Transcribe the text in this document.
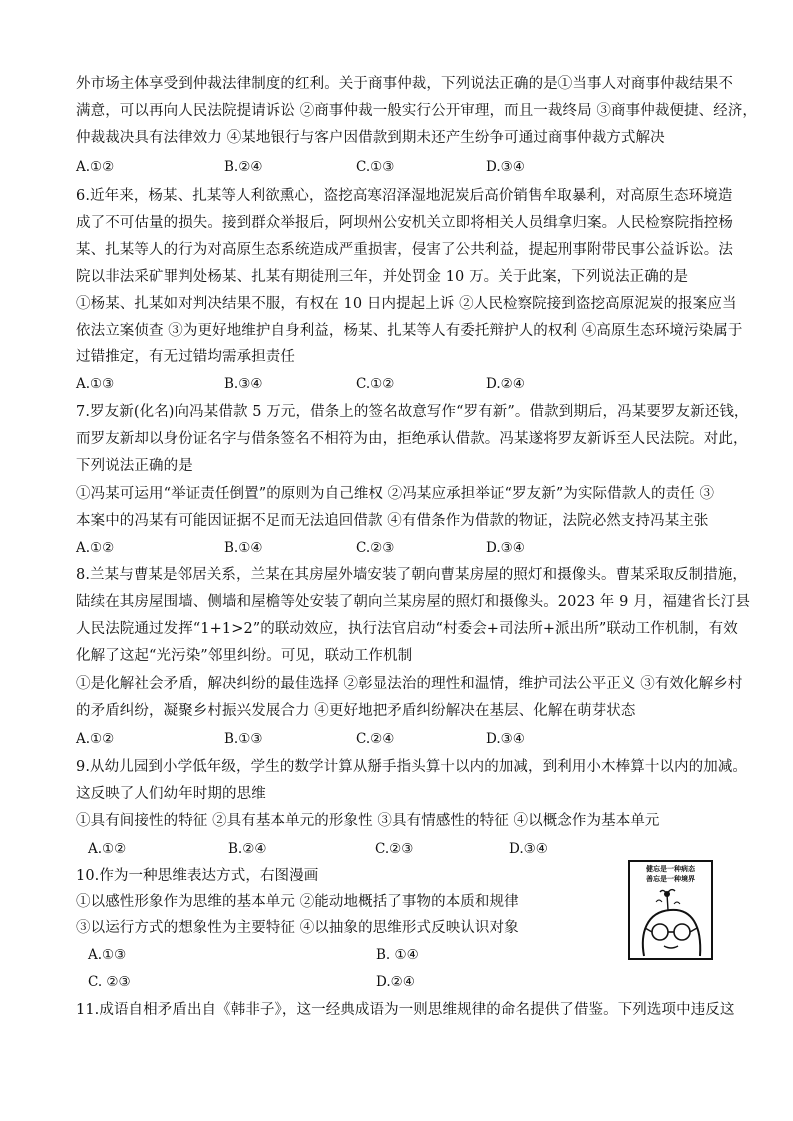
外市场主体享受到仲裁法律制度的红利。关于商事仲裁，下列说法正确的是①当事人对商事仲裁结果不
满意，可以再向人民法院提请诉讼 ②商事仲裁一般实行公开审理，而且一裁终局 ③商事仲裁便捷、经济，
仲裁裁决具有法律效力 ④某地银行与客户因借款到期未还产生纷争可通过商事仲裁方式解决
A.①②	B.②④	C.①③	D.③④
6.近年来，杨某、扎某等人利欲熏心，盗挖高寒沼泽湿地泥炭后高价销售牟取暴利，对高原生态环境造
成了不可估量的损失。接到群众举报后，阿坝州公安机关立即将相关人员缉拿归案。人民检察院指控杨
某、扎某等人的行为对高原生态系统造成严重损害，侵害了公共利益，提起刑事附带民事公益诉讼。法
院以非法采矿罪判处杨某、扎某有期徒刑三年，并处罚金 10 万。关于此案，下列说法正确的是
①杨某、扎某如对判决结果不服，有权在 10 日内提起上诉 ②人民检察院接到盗挖高原泥炭的报案应当
依法立案侦查 ③为更好地维护自身利益，杨某、扎某等人有委托辩护人的权利 ④高原生态环境污染属于
过错推定，有无过错均需承担责任
A.①③	B.③④	C.①②	D.②④
7.罗友新(化名)向冯某借款 5 万元，借条上的签名故意写作“罗有新”。借款到期后，冯某要罗友新还钱，
而罗友新却以身份证名字与借条签名不相符为由，拒绝承认借款。冯某遂将罗友新诉至人民法院。对此，
下列说法正确的是
①冯某可运用“举证责任倒置”的原则为自己维权 ②冯某应承担举证“罗友新”为实际借款人的责任 ③
本案中的冯某有可能因证据不足而无法追回借款 ④有借条作为借款的物证，法院必然支持冯某主张
A.①②	B.①④	C.②③	D.③④
8.兰某与曹某是邻居关系，兰某在其房屋外墙安装了朝向曹某房屋的照灯和摄像头。曹某采取反制措施，
陆续在其房屋围墙、侧墙和屋檐等处安装了朝向兰某房屋的照灯和摄像头。2023 年 9 月，福建省长汀县
人民法院通过发挥“1+1>2”的联动效应，执行法官启动“村委会+司法所+派出所”联动工作机制，有效
化解了这起“光污染”邻里纠纷。可见，联动工作机制
①是化解社会矛盾，解决纠纷的最佳选择 ②彰显法治的理性和温情，维护司法公平正义 ③有效化解乡村
的矛盾纠纷，凝聚乡村振兴发展合力 ④更好地把矛盾纠纷解决在基层、化解在萌芽状态
A.①②	B.①③	C.②④	D.③④
9.从幼儿园到小学低年级，学生的数学计算从掰手指头算十以内的加减，到利用小木棒算十以内的加减。
这反映了人们幼年时期的思维
①具有间接性的特征 ②具有基本单元的形象性 ③具有情感性的特征 ④以概念作为基本单元
A.①②	B.②④	C.②③	D.③④
10.作为一种思维表达方式，右图漫画
①以感性形象作为思维的基本单元 ②能动地概括了事物的本质和规律
③以运行方式的想象性为主要特征 ④以抽象的思维形式反映认识对象
A.①③	B. ①④
C. ②③	D.②④
11.成语自相矛盾出自《韩非子》，这一经典成语为一则思维规律的命名提供了借鉴。下列选项中违反这
健忘是一种病态
善忘是一种境界
